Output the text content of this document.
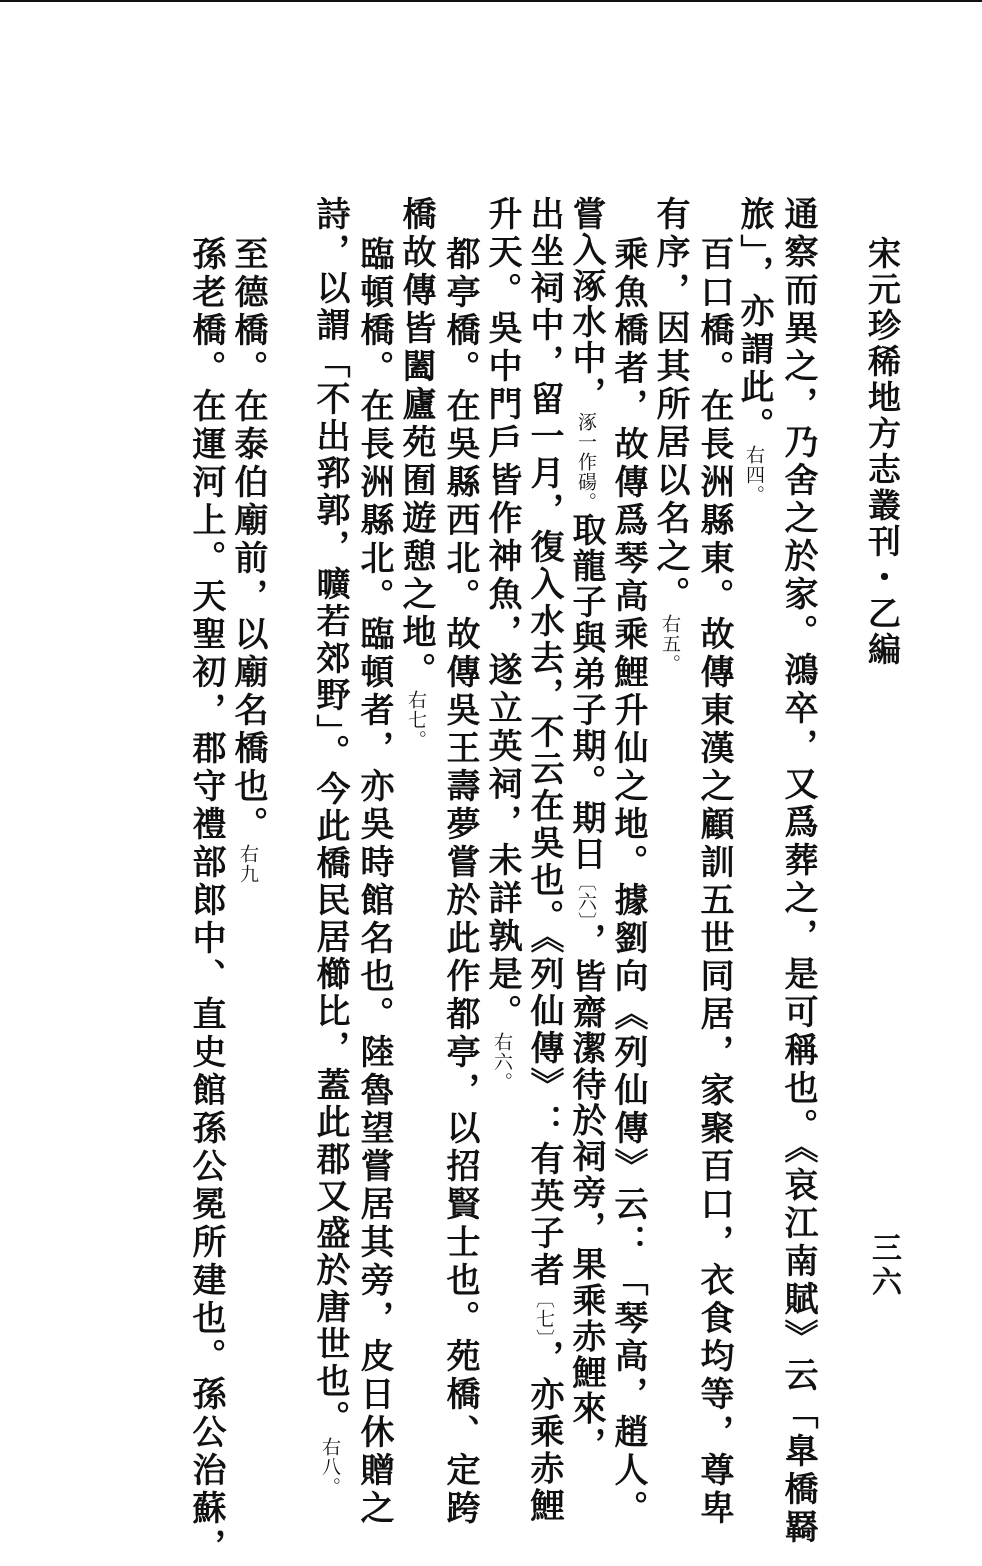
宋元珍稀地方志叢刊・乙編
三六
通察而異之，乃舍之於家。鴻卒，又爲葬之，是可稱也。《哀江南賦》云「臯橋羇
旅」，亦謂此。右四。
百口橋。在長洲縣東。故傳東漢之顧訓五世同居，家聚百口，衣食均等，尊卑
有序，因其所居以名之。右五。
乘魚橋者，故傳爲琴高乘鯉升仙之地。據劉向《列仙傳》云：「琴高，趙人。
嘗入涿水中，涿一作碭。取龍子與弟子期。期日〔六〕，皆齋潔待於祠旁，果乘赤鯉來，
出坐祠中，留一月，復入水去，不云在吳也。《列仙傳》：有英子者〔七〕，亦乘赤鯉
升天。吳中門戶皆作神魚，遂立英祠，未詳孰是。右六。
都亭橋。在吳縣西北。故傳吳王壽夢嘗於此作都亭，以招賢士也。苑橋、定跨
橋故傳皆闔廬苑囿遊憩之地。右七。
臨頓橋。在長洲縣北。臨頓者，亦吳時館名也。陸魯望嘗居其旁，皮日休贈之
詩，以謂「不出郛郭，曠若郊野」。今此橋民居櫛比，蓋此郡又盛於唐世也。右八。
至德橋。在泰伯廟前，以廟名橋也。右九
孫老橋。在運河上。天聖初，郡守禮部郎中、直史館孫公冕所建也。孫公治蘇，
